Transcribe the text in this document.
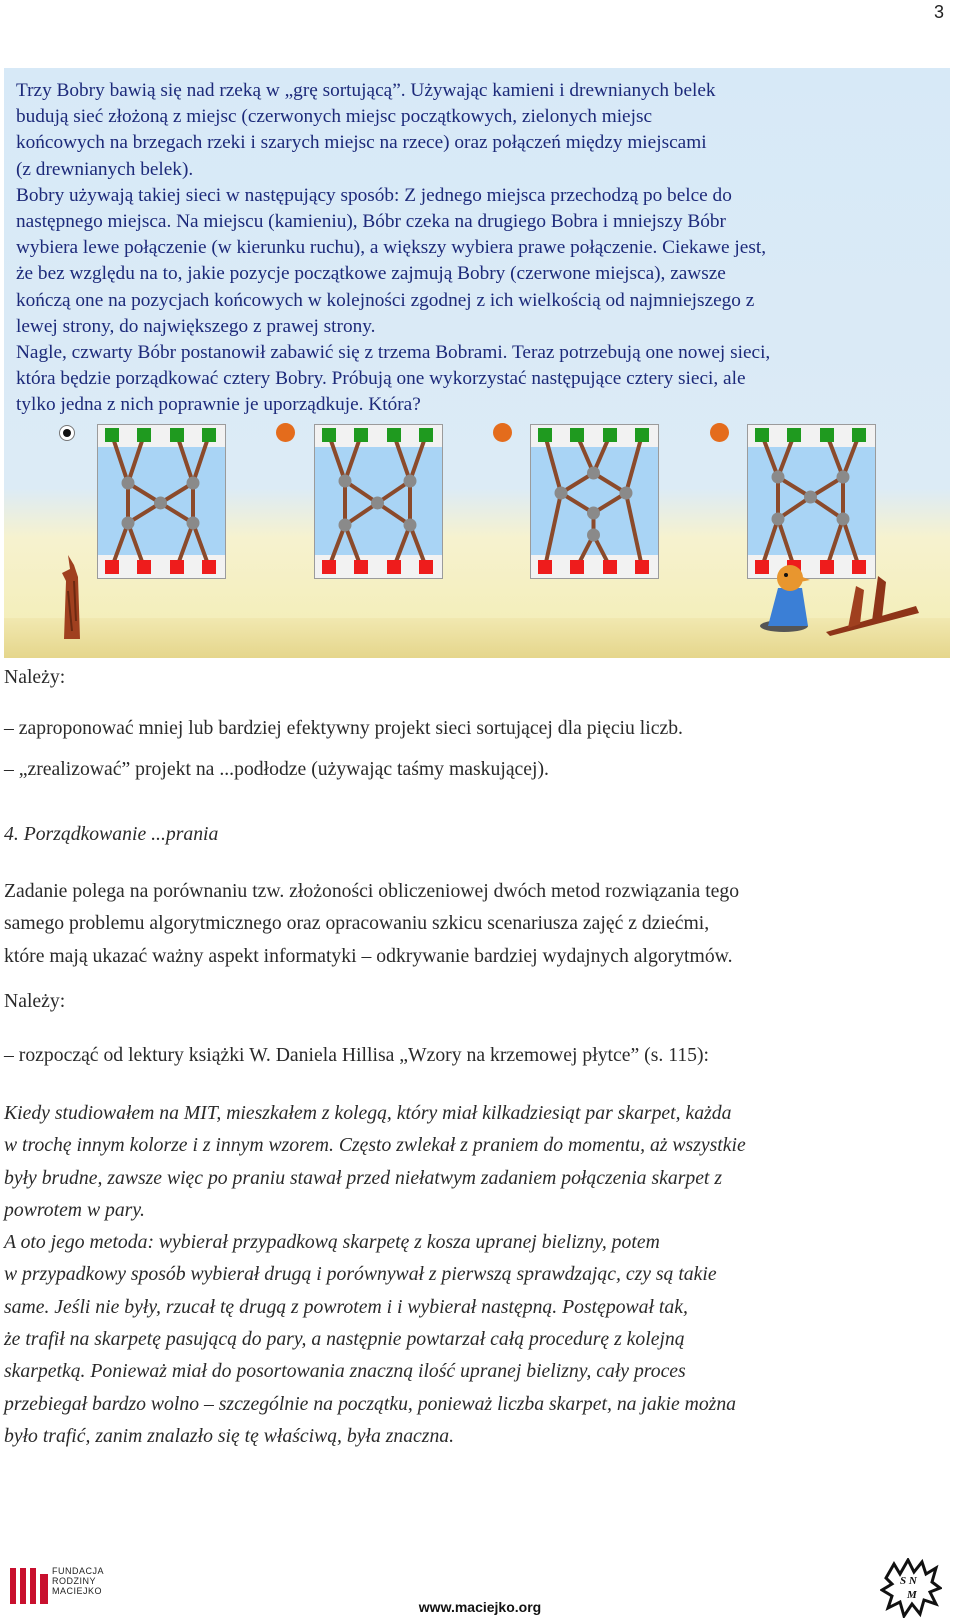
3

Trzy Bobry bawią się nad rzeką w „grę sortującą”. Używając kamieni i drewnianych belek

budują sieć złożoną z miejsc (czerwonych miejsc początkowych, zielonych miejsc

końcowych na brzegach rzeki i szarych miejsc na rzece) oraz połączeń między miejscami

(z drewnianych belek).

Bobry używają takiej sieci w następujący sposób: Z jednego miejsca przechodzą po belce do

następnego miejsca. Na miejscu (kamieniu), Bóbr czeka na drugiego Bobra i mniejszy Bóbr

wybiera lewe połączenie (w kierunku ruchu), a większy wybiera prawe połączenie. Ciekawe jest,

że bez względu na to, jakie pozycje początkowe zajmują Bobry (czerwone miejsca), zawsze

kończą one na pozycjach końcowych w kolejności zgodnej z ich wielkością od najmniejszego z

lewej strony, do największego z prawej strony.

Nagle, czwarty Bóbr postanowił zabawić się z trzema Bobrami. Teraz potrzebują one nowej sieci,

która będzie porządkować cztery Bobry. Próbują one wykorzystać następujące cztery sieci, ale

tylko jedna z nich poprawnie je uporządkuje. Która?

Należy:

– zaproponować mniej lub bardziej efektywny projekt sieci sortującej dla pięciu liczb.

– „zrealizować” projekt na ...podłodze (używając taśmy maskującej).

4. Porządkowanie ...prania

Zadanie polega na porównaniu tzw. złożoności obliczeniowej dwóch metod rozwiązania tego

samego problemu algorytmicznego oraz opracowaniu szkicu scenariusza zajęć z dziećmi,

które mają ukazać ważny aspekt informatyki – odkrywanie bardziej wydajnych algorytmów.

Należy:

– rozpocząć od lektury książki W. Daniela Hillisa „Wzory na krzemowej płytce” (s. 115):

Kiedy studiowałem na MIT, mieszkałem z kolegą, który miał kilkadziesiąt par skarpet, każda

w trochę innym kolorze i z innym wzorem. Często zwlekał z praniem do momentu, aż wszystkie

były brudne, zawsze więc po praniu stawał przed niełatwym zadaniem połączenia skarpet z

powrotem w pary.

A oto jego metoda: wybierał przypadkową skarpetę z kosza upranej bielizny, potem

w przypadkowy sposób wybierał drugą i porównywał z pierwszą sprawdzając, czy są takie

same. Jeśli nie były, rzucał tę drugą z powrotem i i wybierał następną. Postępował tak,

że trafił na skarpetę pasującą do pary, a następnie powtarzał całą procedurę z kolejną

skarpetką. Ponieważ miał do posortowania znaczną ilość upranej bielizny, cały proces

przebiegał bardzo wolno – szczególnie na początku, ponieważ liczba skarpet, na jakie można

było trafić, zanim znalazło się tę właściwą, była znaczna.

FUNDACJA
RODZINY
MACIEJKO
www.maciejko.org
S N
M
